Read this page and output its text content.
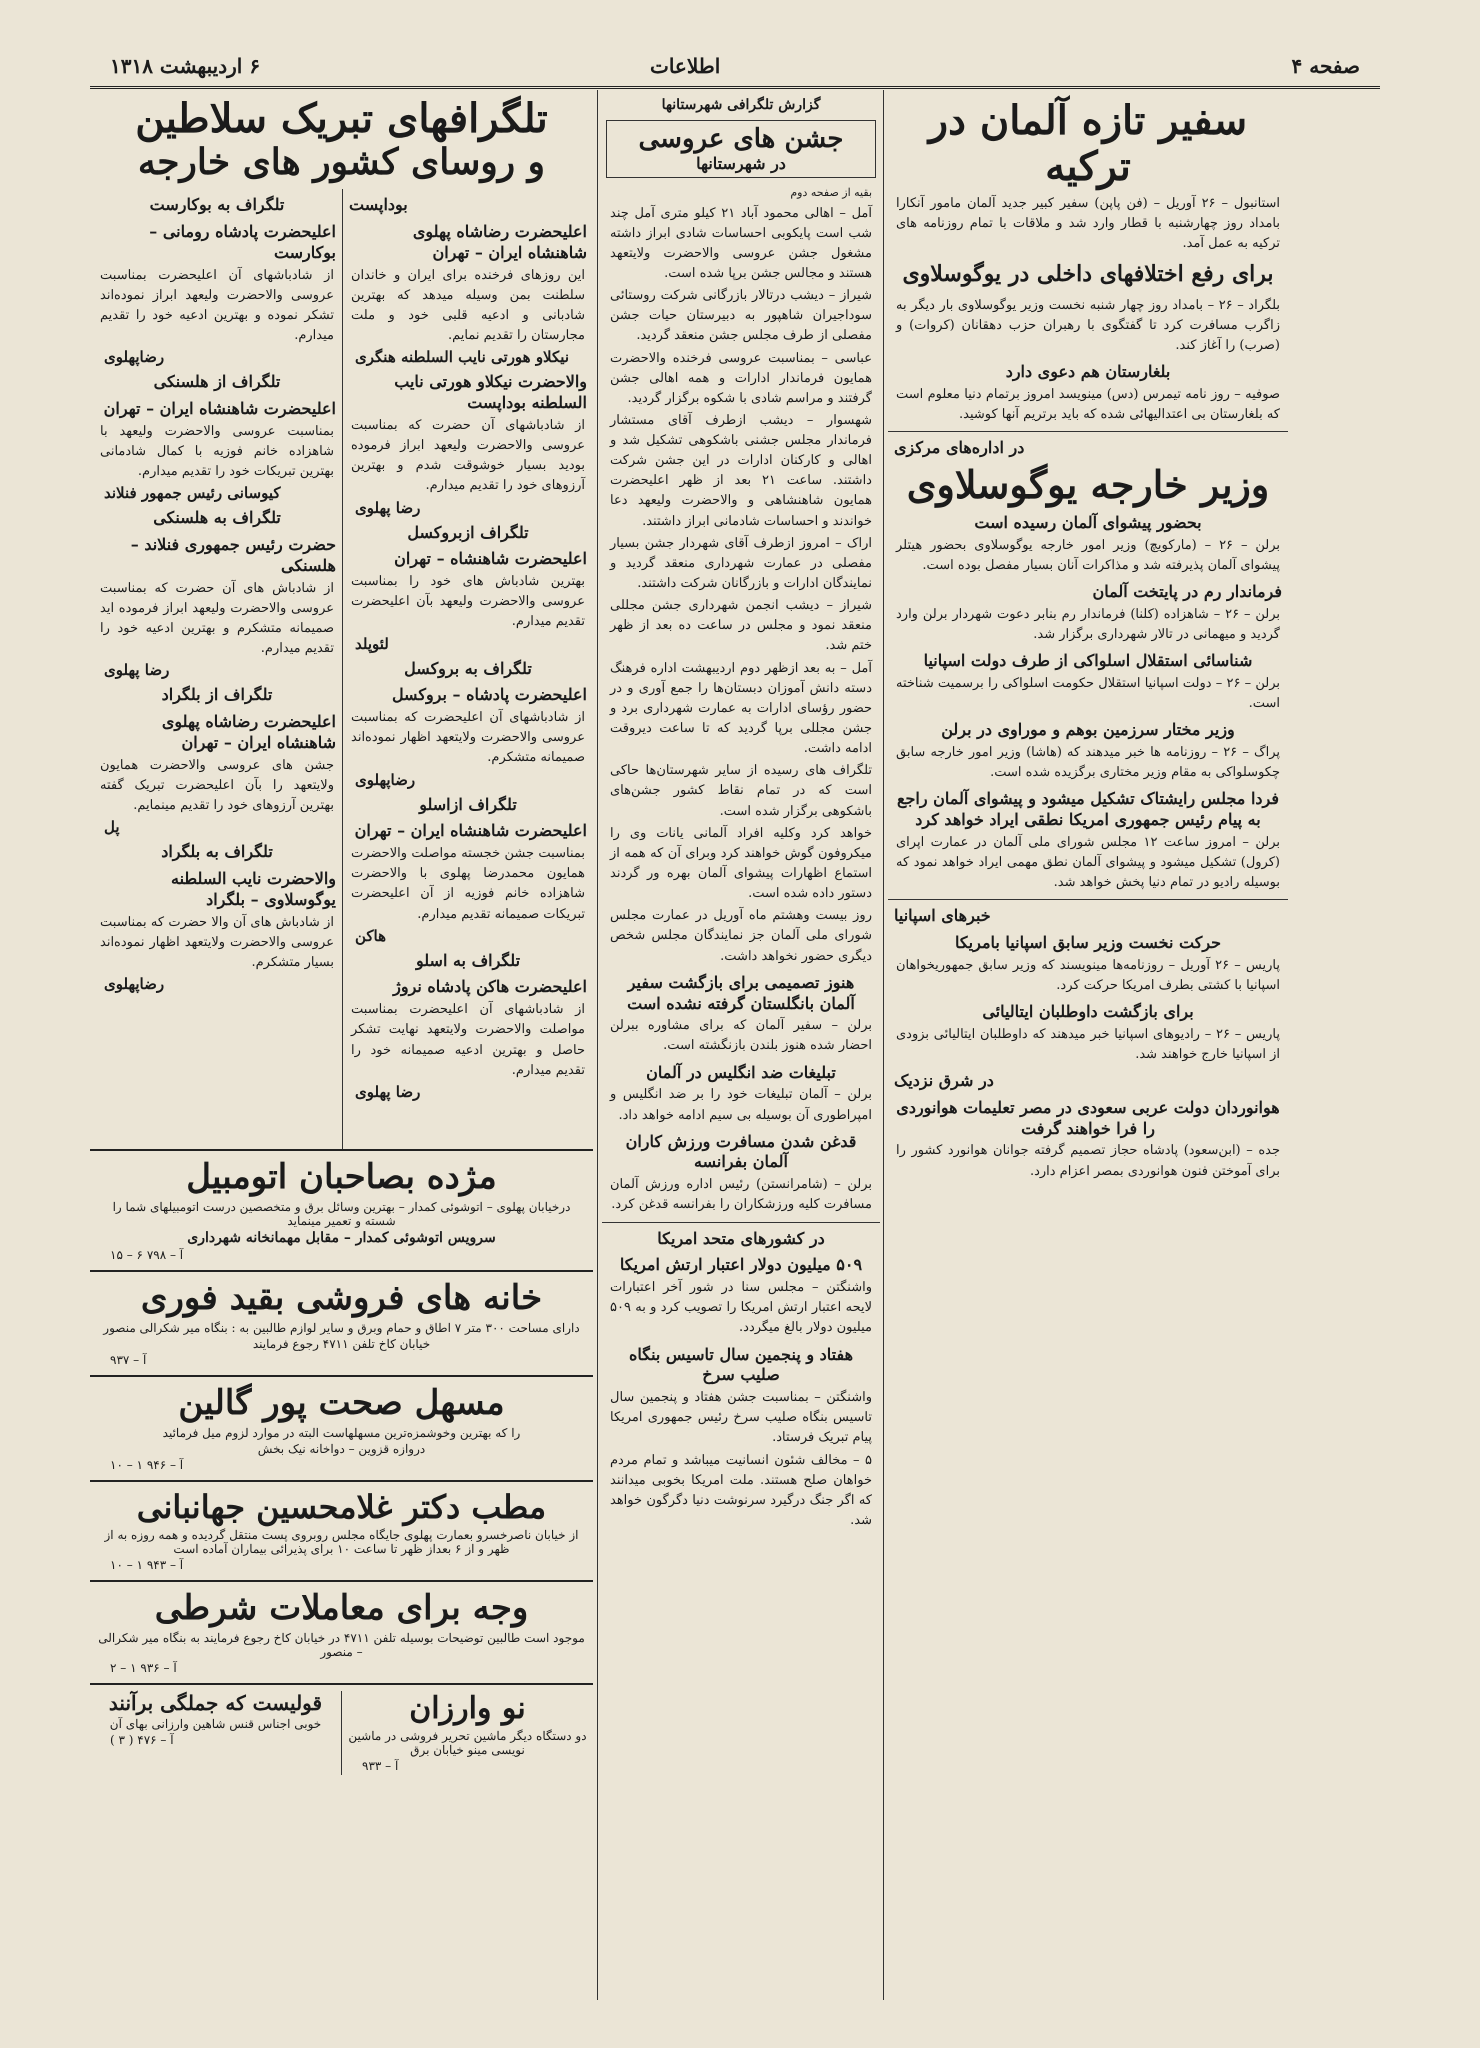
صفحه ۴
اطلاعات
۶ اردیبهشت ۱۳۱۸
سفیر تازه آلمان در ترکیه
استانبول – ۲۶ آوریل – (فن پاپن) سفیر کبیر جدید آلمان مامور آنکارا بامداد روز چهارشنبه با قطار وارد شد و ملاقات با تمام روزنامه های ترکیه به عمل آمد.
برای رفع اختلافهای داخلی در یوگوسلاوی
بلگراد – ۲۶ – بامداد روز چهار شنبه نخست وزیر یوگوسلاوی بار دیگر به زاگرب مسافرت کرد تا گفتگوی با رهبران حزب دهقانان (کروات) و (صرب) را آغاز کند.
بلغارستان هم دعوی دارد
صوفیه – روز نامه تیمرس (دس) مینویسد امروز برتمام دنیا معلوم است که بلغارستان بی اعتدالیهائی شده که باید برتریم آنها کوشید.
در اداره‌های مرکزی
وزیر خارجه یوگوسلاوی
بحضور پیشوای آلمان رسیده است
برلن – ۲۶ – (مارکویچ) وزیر امور خارجه یوگوسلاوی بحضور هیتلر پیشوای آلمان پذیرفته شد و مذاکرات آنان بسیار مفصل بوده است.
فرماندار رم در پایتخت آلمان
برلن – ۲۶ – شاهزاده (کلنا) فرماندار رم بنابر دعوت شهردار برلن وارد گردید و میهمانی در تالار شهرداری برگزار شد.
شناسائی استقلال اسلواکی از طرف دولت اسپانیا
برلن – ۲۶ – دولت اسپانیا استقلال حکومت اسلواکی را برسمیت شناخته است.
وزیر مختار سرزمین بوهم و موراوی در برلن
پراگ – ۲۶ – روزنامه ها خبر میدهند که (هاشا) وزیر امور خارجه سابق چکوسلواکی به مقام وزیر مختاری برگزیده شده است.
فردا مجلس رایشتاک تشکیل میشود و پیشوای آلمان راجع به پیام رئیس جمهوری امریکا نطقی ایراد خواهد کرد
برلن – امروز ساعت ۱۲ مجلس شورای ملی آلمان در عمارت اپرای (کرول) تشکیل میشود و پیشوای آلمان نطق مهمی ایراد خواهد نمود که بوسیله رادیو در تمام دنیا پخش خواهد شد.
خبرهای اسپانیا
حرکت نخست وزیر سابق اسپانیا بامریکا
پاریس – ۲۶ آوریل – روزنامه‌ها مینویسند که وزیر سابق جمهوریخواهان اسپانیا با کشتی بطرف امریکا حرکت کرد.
برای بازگشت داوطلبان ایتالیائی
پاریس – ۲۶ – رادیوهای اسپانیا خبر میدهند که داوطلبان ایتالیائی بزودی از اسپانیا خارج خواهند شد.
در شرق نزدیک
هوانوردان دولت عربی سعودی در مصر تعلیمات هوانوردی را فرا خواهند گرفت
جده – (ابن‌سعود) پادشاه حجاز تصمیم گرفته جوانان هوانورد کشور را برای آموختن فنون هوانوردی بمصر اعزام دارد.
گزارش تلگرافی شهرستانها
جشن های عروسی
در شهرستانها
بقیه از صفحه دوم
آمل – اهالی محمود آباد ۲۱ کیلو متری آمل چند شب است پایکوبی احساسات شادی ابراز داشته مشغول جشن عروسی والاحضرت ولایتعهد هستند و مجالس جشن برپا شده است.
شیراز – دیشب درتالار بازرگانی شرکت روستائی سوداجیران شاهپور به دبیرستان حیات جشن مفصلی از طرف مجلس جشن منعقد گردید.
عباسی – بمناسبت عروسی فرخنده والاحضرت همایون فرماندار ادارات و همه اهالی جشن گرفتند و مراسم شادی با شکوه برگزار گردید.
شهسوار – دیشب ازطرف آقای مستشار فرماندار مجلس جشنی باشکوهی تشکیل شد و اهالی و کارکنان ادارات در این جشن شرکت داشتند. ساعت ۲۱ بعد از ظهر اعلیحضرت همایون شاهنشاهی و والاحضرت ولیعهد دعا خواندند و احساسات شادمانی ابراز داشتند.
اراک – امروز ازطرف آقای شهردار جشن بسیار مفصلی در عمارت شهرداری منعقد گردید و نمایندگان ادارات و بازرگانان شرکت داشتند.
شیراز – دیشب انجمن شهرداری جشن مجللی منعقد نمود و مجلس در ساعت ده بعد از ظهر ختم شد.
آمل – به بعد ازظهر دوم اردیبهشت اداره فرهنگ دسته دانش آموزان دبستان‌ها را جمع آوری و در حضور رؤسای ادارات به عمارت شهرداری برد و جشن مجللی برپا گردید که تا ساعت دیروقت ادامه داشت.
تلگراف های رسیده از سایر شهرستان‌ها حاکی است که در تمام نقاط کشور جشن‌های باشکوهی برگزار شده است.
خواهد کرد وکلیه افراد آلمانی یانات وی را میکروفون گوش خواهند کرد وبرای آن که همه از استماع اظهارات پیشوای آلمان بهره ور گردند دستور داده شده است.
روز بیست وهشتم ماه آوریل در عمارت مجلس شورای ملی آلمان جز نمایندگان مجلس شخص دیگری حضور نخواهد داشت.
هنوز تصمیمی برای بازگشت سفیر آلمان بانگلستان گرفته نشده است
برلن – سفیر آلمان که برای مشاوره ببرلن احضار شده هنوز بلندن بازنگشته است.
تبلیغات ضد انگلیس در آلمان
برلن – آلمان تبلیغات خود را بر ضد انگلیس و امپراطوری آن بوسیله بی سیم ادامه خواهد داد.
قدغن شدن مسافرت ورزش کاران آلمان بفرانسه
برلن – (شامرانستن) رئیس اداره ورزش آلمان مسافرت کلیه ورزشکاران را بفرانسه قدغن کرد.
در کشورهای متحد امریکا
۵۰۹ میلیون دولار اعتبار ارتش امریکا
واشنگتن – مجلس سنا در شور آخر اعتبارات لایحه اعتبار ارتش امریکا را تصویب کرد و به ۵۰۹ میلیون دولار بالغ میگردد.
هفتاد و پنجمین سال تاسیس بنگاه صلیب سرخ
واشنگتن – بمناسبت جشن هفتاد و پنجمین سال تاسیس بنگاه صلیب سرخ رئیس جمهوری امریکا پیام تبریک فرستاد.
۵ – مخالف شئون انسانیت میباشد و تمام مردم خواهان صلح هستند. ملت امریکا بخوبی میدانند که اگر جنگ درگیرد سرنوشت دنیا دگرگون خواهد شد.
تلگرافهای تبریک سلاطین
و روسای کشور های خارجه
بوداپست
اعلیحضرت رضاشاه پهلوی شاهنشاه ایران – تهران
این روزهای فرخنده برای ایران و خاندان سلطنت بمن وسیله میدهد که بهترین شادبانی و ادعیه قلبی خود و ملت مجارستان را تقدیم نمایم.
نیکلاو هورتی نایب السلطنه هنگری
والاحضرت نیکلاو هورتی نایب السلطنه بوداپست
از شادباشهای آن حضرت که بمناسبت عروسی والاحضرت ولیعهد ابراز فرموده بودید بسیار خوشوقت شدم و بهترین آرزوهای خود را تقدیم میدارم.
رضا پهلوی
تلگراف ازبروکسل
اعلیحضرت شاهنشاه – تهران
بهترین شادباش های خود را بمناسبت عروسی والاحضرت ولیعهد بآن اعلیحضرت تقدیم میدارم.
لئوپلد
تلگراف به بروکسل
اعلیحضرت پادشاه – بروکسل
از شادباشهای آن اعلیحضرت که بمناسبت عروسی والاحضرت ولایتعهد اظهار نموده‌اند صمیمانه متشکرم.
رضاپهلوی
تلگراف ازاسلو
اعلیحضرت شاهنشاه ایران – تهران
بمناسبت جشن خجسته مواصلت والاحضرت همایون محمدرضا پهلوی با والاحضرت شاهزاده خانم فوزیه از آن اعلیحضرت تبریکات صمیمانه تقدیم میدارم.
هاکن
تلگراف به اسلو
اعلیحضرت هاکن پادشاه نروژ
از شادباشهای آن اعلیحضرت بمناسبت مواصلت والاحضرت ولایتعهد نهایت تشکر حاصل و بهترین ادعیه صمیمانه خود را تقدیم میدارم.
رضا پهلوی
تلگراف به بوکارست
اعلیحضرت پادشاه رومانی – بوکارست
از شادباشهای آن اعلیحضرت بمناسبت عروسی والاحضرت ولیعهد ابراز نموده‌اند تشکر نموده و بهترین ادعیه خود را تقدیم میدارم.
رضاپهلوی
تلگراف از هلسنکی
اعلیحضرت شاهنشاه ایران – تهران
بمناسبت عروسی والاحضرت ولیعهد با شاهزاده خانم فوزیه با کمال شادمانی بهترین تبریکات خود را تقدیم میدارم.
کیوسانی رئیس جمهور فنلاند
تلگراف به هلسنکی
حضرت رئیس جمهوری فنلاند – هلسنکی
از شادباش های آن حضرت که بمناسبت عروسی والاحضرت ولیعهد ابراز فرموده اید صمیمانه متشکرم و بهترین ادعیه خود را تقدیم میدارم.
رضا پهلوی
تلگراف از بلگراد
اعلیحضرت رضاشاه پهلوی شاهنشاه ایران – تهران
جشن های عروسی والاحضرت همایون ولایتعهد را بآن اعلیحضرت تبریک گفته بهترین آرزوهای خود را تقدیم مینمایم.
پل
تلگراف به بلگراد
والاحضرت نایب السلطنه یوگوسلاوی – بلگراد
از شادباش های آن والا حضرت که بمناسبت عروسی والاحضرت ولایتعهد اظهار نموده‌اند بسیار متشکرم.
رضاپهلوی
مژده بصاحبان اتومبیل
درخیابان پهلوی – اتوشوئی کمدار – بهترین وسائل برق و متخصصین درست اتومبیلهای شما را شسته و تعمیر مینماید
سرویس اتوشوئی کمدار – مقابل مهمانخانه شهرداری
آ – ۷۹۸ ۶ – ۱۵
خانه های فروشی بقید فوری
دارای مساحت ۳۰۰ متر ۷ اطاق و حمام وبرق و سایر لوازم طالبین به : بنگاه میر شکرالی منصور
خیابان کاخ تلفن ۴۷۱۱ رجوع فرمایند
آ – ۹۳۷
مسهل صحت پور گالین
را که بهترین وخوشمزه‌ترین مسهلهاست البته در موارد لزوم میل فرمائید
دروازه قزوین – دواخانه نیک بخش
آ – ۹۴۶ ۱ – ۱۰
مطب دکتر غلامحسین جهانبانی
از خیابان ناصرخسرو بعمارت پهلوی جایگاه مجلس روبروی پست منتقل گردیده و همه روزه به از ظهر و از ۶ بعداز ظهر تا ساعت ۱۰ برای پذیرائی بیماران آماده است
آ – ۹۴۳ ۱ – ۱۰
وجه برای معاملات شرطی
موجود است طالبین توضیحات بوسیله تلفن ۴۷۱۱ در خیابان کاخ رجوع فرمایند به بنگاه میر شکرالی – منصور
آ – ۹۳۶ ۱ – ۲
نو وارزان
دو دستگاه دیگر ماشین تحریر فروشی در ماشین نویسی مینو خیابان برق
آ – ۹۳۳
قولیست که جملگی برآنند
خوبی اجناس قنس شاهین وارزانی بهای آن
آ – ۴۷۶ ( ۳ )
